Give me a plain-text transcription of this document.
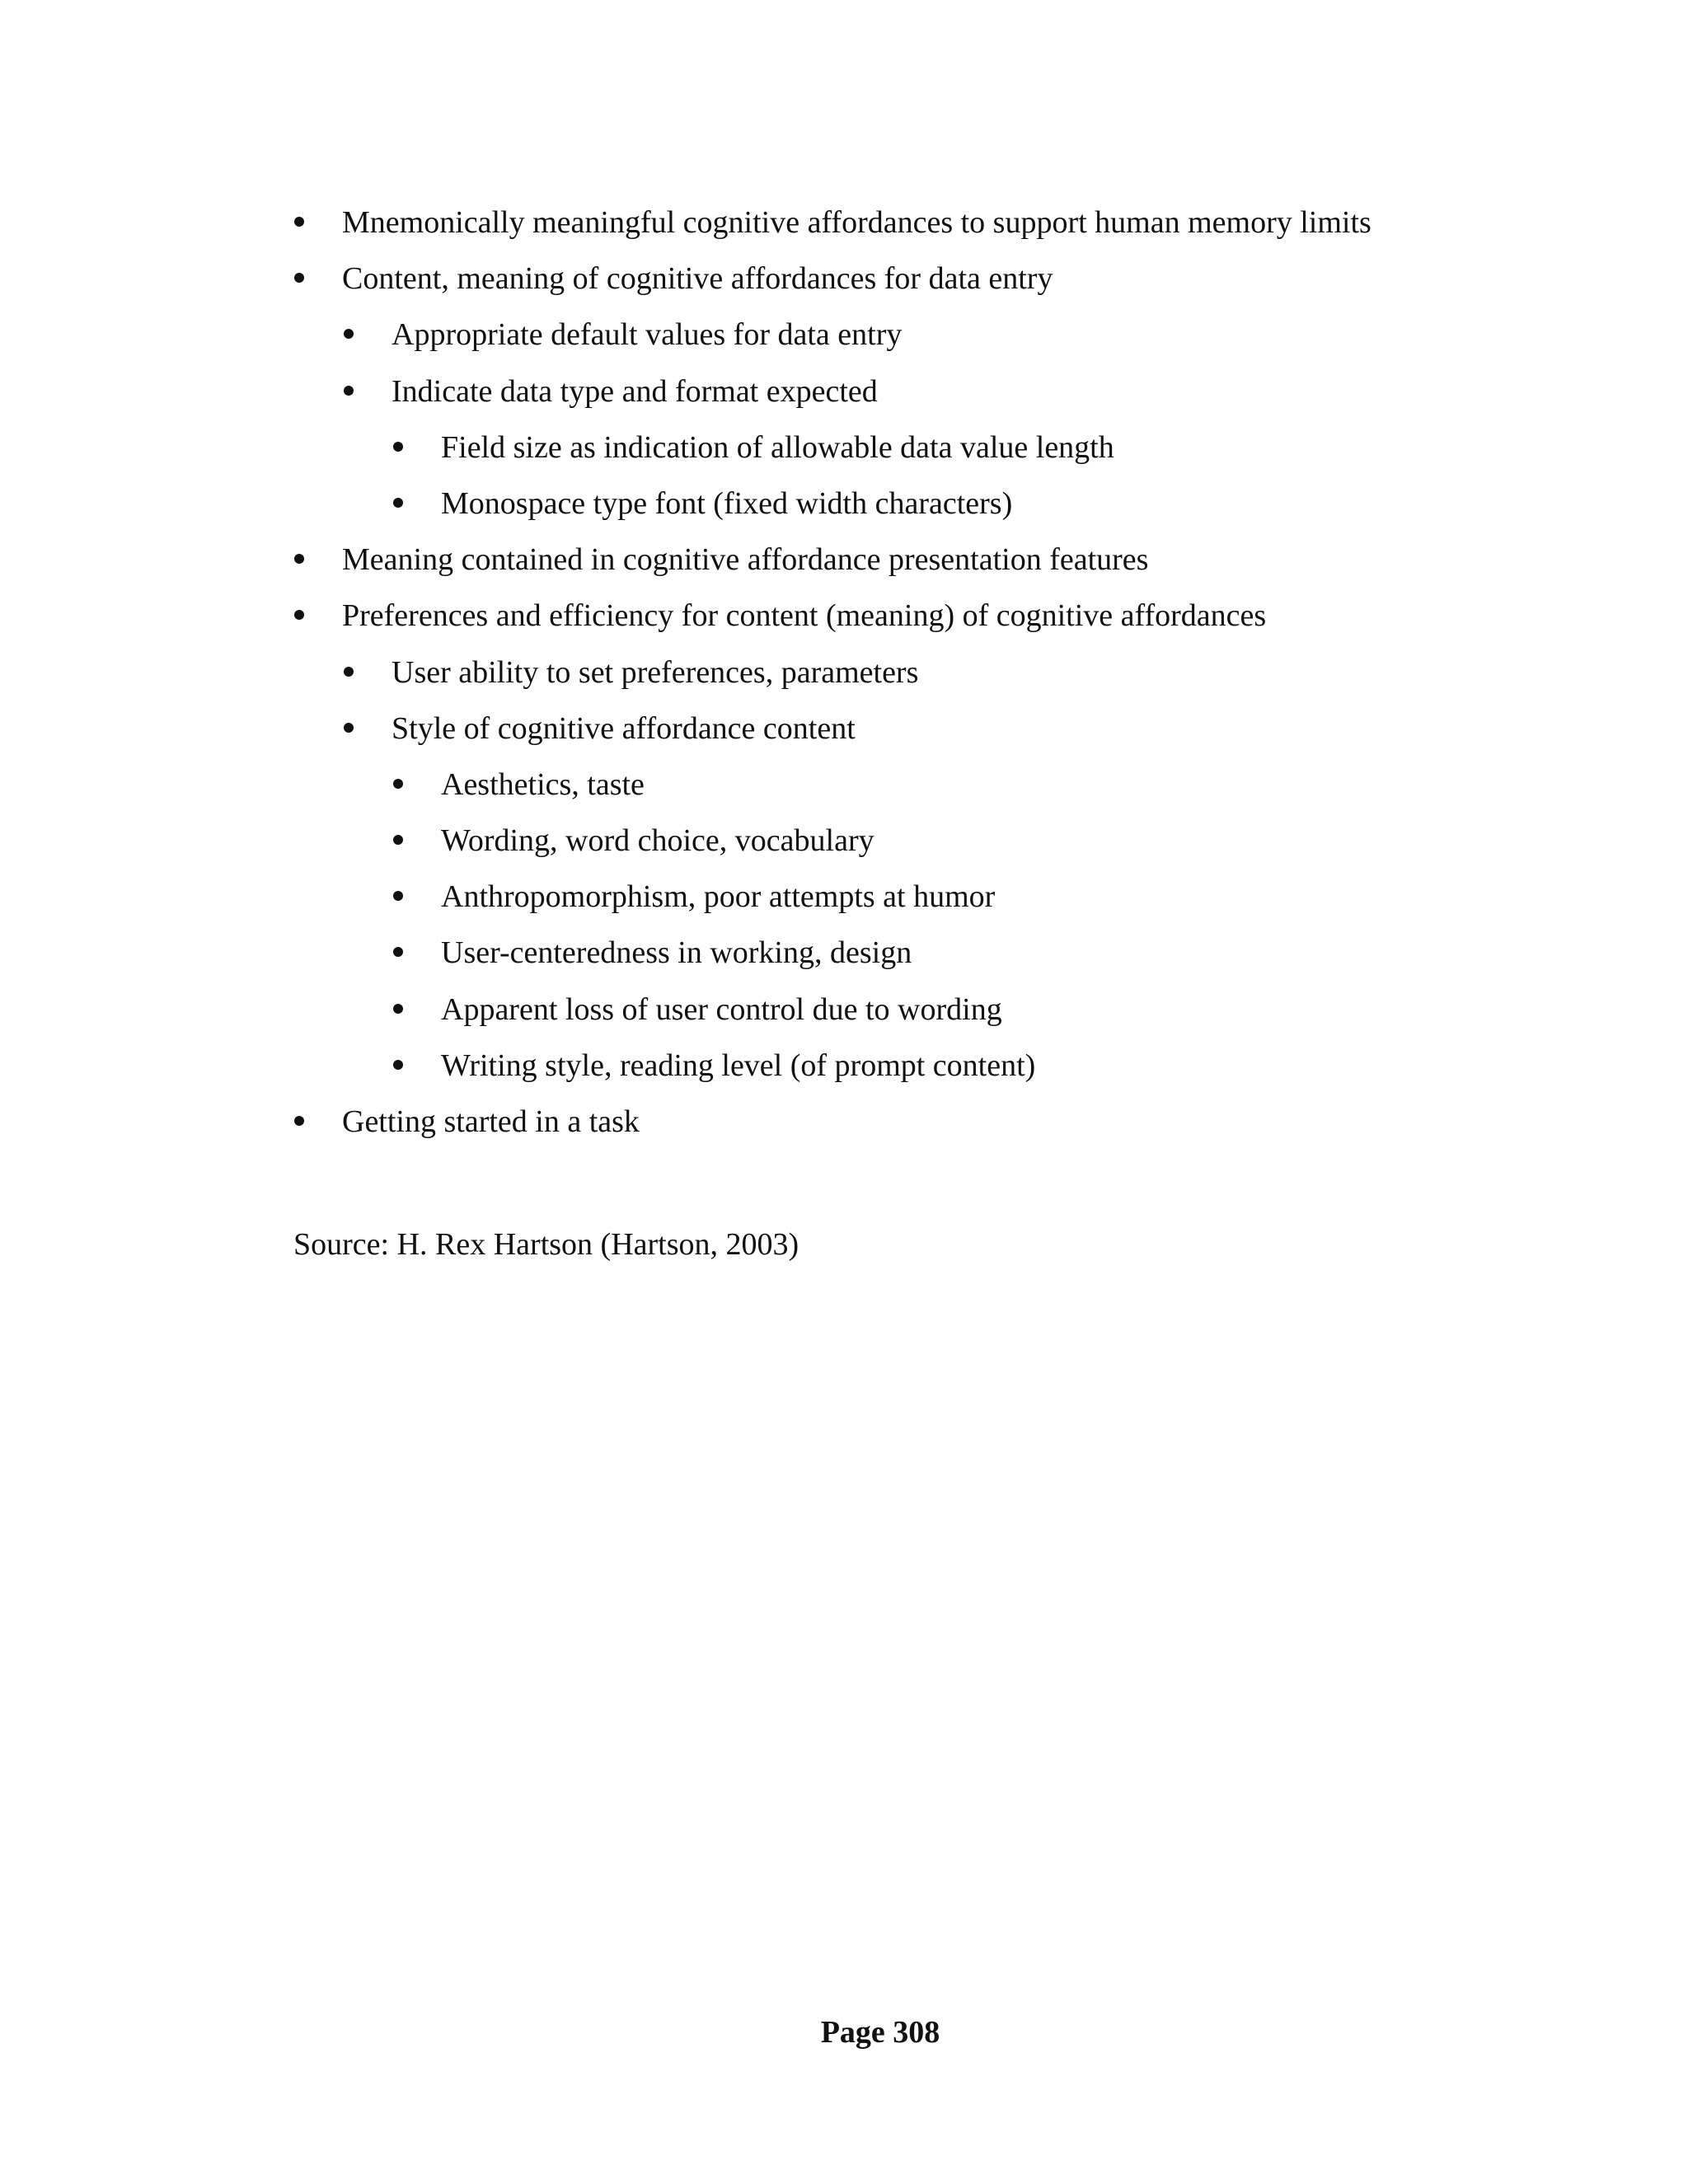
Mnemonically meaningful cognitive affordances to support human memory limits
Content, meaning of cognitive affordances for data entry
Appropriate default values for data entry
Indicate data type and format expected
Field size as indication of allowable data value length
Monospace type font (fixed width characters)
Meaning contained in cognitive affordance presentation features
Preferences and efficiency for content (meaning) of cognitive affordances
User ability to set preferences, parameters
Style of cognitive affordance content
Aesthetics, taste
Wording, word choice, vocabulary
Anthropomorphism, poor attempts at humor
User-centeredness in working, design
Apparent loss of user control due to wording
Writing style, reading level (of prompt content)
Getting started in a task
Source: H. Rex Hartson (Hartson, 2003)
Page 308
